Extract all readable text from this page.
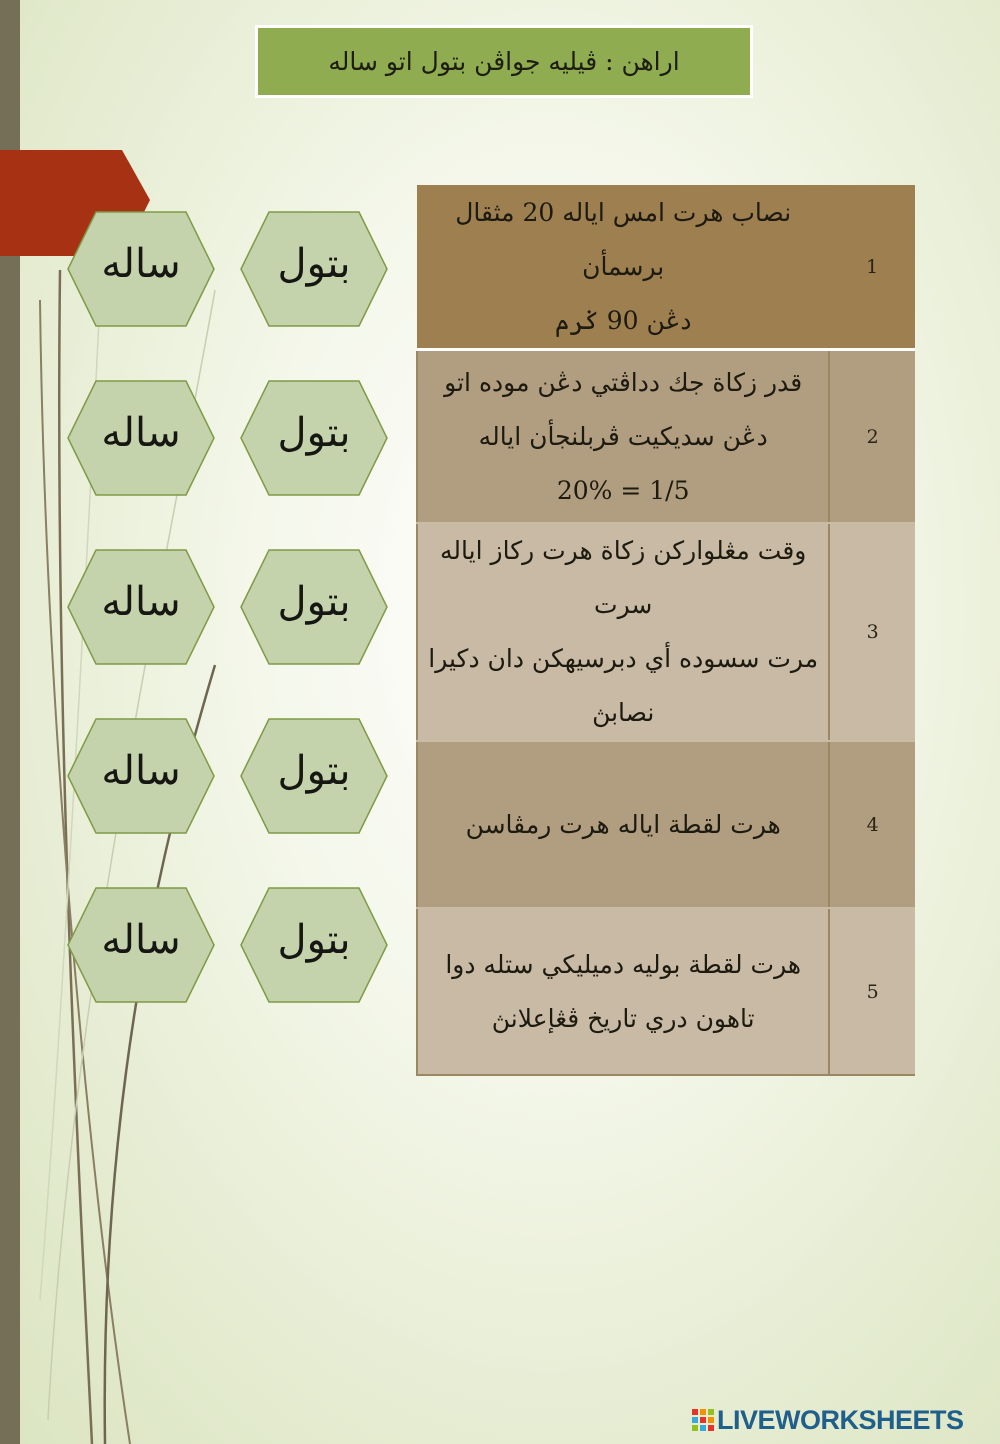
اراهن : ڤيليه جواڤن بتول اتو ساله
نصاب هرت امس اياله 20 مثقال برسمأن
دڠن 90 ݢرم	1

قدر زكاة جك دداڤتي دڠن موده اتو
دڠن سديکيت ڤربلنجأن اياله
20% = 1/5	2

وقت مڠلواركن زكاة هرت ركاز اياله سرت
مرت سسوده أي دبرسيهكن دان دكيرا
نصابڽ	3

هرت لقطة اياله هرت رمڤاسن	4

هرت لقطة بوليه دميليكي ستله دوا
تاهون دري تاريخ ڤڠإعلانڽ	5
بتول
ساله
بتول
ساله
بتول
ساله
بتول
ساله
بتول
ساله
LIVEWORKSHEETS
